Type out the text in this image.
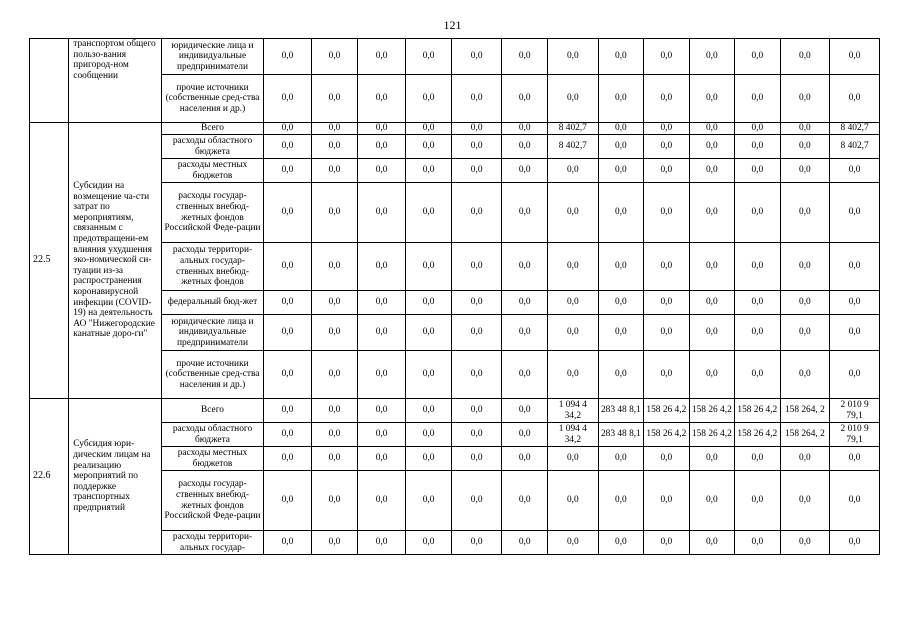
121
	транспортом общего пользо-вания пригород-ном сообщении	юридические лица и индивидуальные предприниматели	0,0	0,0	0,0	0,0	0,0	0,0	0,0	0,0	0,0	0,0	0,0	0,0	0,0
		прочие источники (собственные сред-ства населения и др.)	0,0	0,0	0,0	0,0	0,0	0,0	0,0	0,0	0,0	0,0	0,0	0,0	0,0
22.5	Субсидии на возмещение ча-сти затрат по мероприятиям, связанным с предотвращени-ем влияния ухудшения эко-номической си-туации из-за распространения коронавирусной инфекции (COVID-19) на деятельность АО "Нижегородские канатные доро-ги"	Всего	0,0	0,0	0,0	0,0	0,0	0,0	8 402,7	0,0	0,0	0,0	0,0	0,0	8 402,7
		расходы областного бюджета	0,0	0,0	0,0	0,0	0,0	0,0	8 402,7	0,0	0,0	0,0	0,0	0,0	8 402,7
		расходы местных бюджетов	0,0	0,0	0,0	0,0	0,0	0,0	0,0	0,0	0,0	0,0	0,0	0,0	0,0
		расходы государ-ственных внебюд-жетных фондов Российской Феде-рации	0,0	0,0	0,0	0,0	0,0	0,0	0,0	0,0	0,0	0,0	0,0	0,0	0,0
		расходы территори-альных государ-ственных внебюд-жетных фондов	0,0	0,0	0,0	0,0	0,0	0,0	0,0	0,0	0,0	0,0	0,0	0,0	0,0
		федеральный бюд-жет	0,0	0,0	0,0	0,0	0,0	0,0	0,0	0,0	0,0	0,0	0,0	0,0	0,0
		юридические лица и индивидуальные предприниматели	0,0	0,0	0,0	0,0	0,0	0,0	0,0	0,0	0,0	0,0	0,0	0,0	0,0
		прочие источники (собственные сред-ства населения и др.)	0,0	0,0	0,0	0,0	0,0	0,0	0,0	0,0	0,0	0,0	0,0	0,0	0,0
22.6	Субсидия юри-дическим лицам на реализацию мероприятий по поддержке транспортных предприятий	Всего	0,0	0,0	0,0	0,0	0,0	0,0	1 094 4 34,2	283 48 8,1	158 26 4,2	158 26 4,2	158 26 4,2	158 264, 2	2 010 9 79,1
		расходы областного бюджета	0,0	0,0	0,0	0,0	0,0	0,0	1 094 4 34,2	283 48 8,1	158 26 4,2	158 26 4,2	158 26 4,2	158 264, 2	2 010 9 79,1
		расходы местных бюджетов	0,0	0,0	0,0	0,0	0,0	0,0	0,0	0,0	0,0	0,0	0,0	0,0	0,0
		расходы государ-ственных внебюд-жетных фондов Российской Феде-рации	0,0	0,0	0,0	0,0	0,0	0,0	0,0	0,0	0,0	0,0	0,0	0,0	0,0
		расходы территори-альных государ-	0,0	0,0	0,0	0,0	0,0	0,0	0,0	0,0	0,0	0,0	0,0	0,0	0,0
